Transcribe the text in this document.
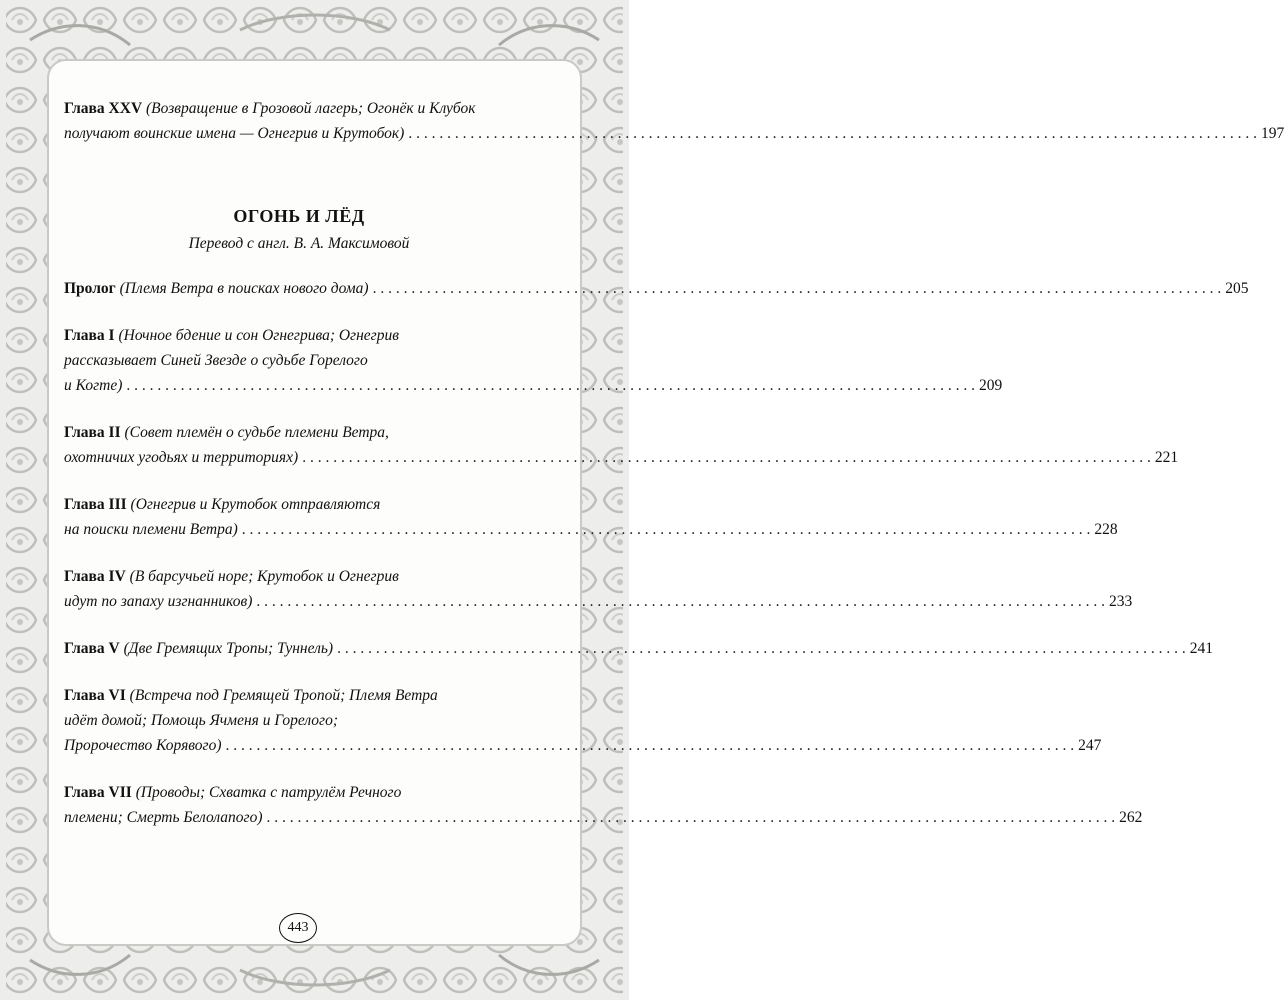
Глава XXV (Возвращение в Грозовой лагерь; Огонёк и Клубок
получают воинские имена — Огнегрив и Крутобок) . . .	197
ОГОНЬ И ЛЁД
Перевод с англ. В. А. Максимовой
Пролог (Племя Ветра в поисках нового дома) . . .	205
Глава I (Ночное бдение и сон Огнегрива; Огнегрив
рассказывает Синей Звезде о судьбе Горелого
и Когте) . . .	209
Глава II (Совет племён о судьбе племени Ветра,
охотничих угодьях и территориях) . . .	221
Глава III (Огнегрив и Крутобок отправляются
на поиски племени Ветра) . . .	228
Глава IV (В барсучьей норе; Крутобок и Огнегрив
идут по запаху изгнанников) . . .	233
Глава V (Две Гремящих Тропы; Туннель) . . .	241
Глава VI (Встреча под Гремящей Тропой; Племя Ветра
идёт домой; Помощь Ячменя и Горелого;
Пророчество Корявого) . . .	247
Глава VII (Проводы; Схватка с патрулём Речного
племени; Смерть Белолапого) . . .	262
443
